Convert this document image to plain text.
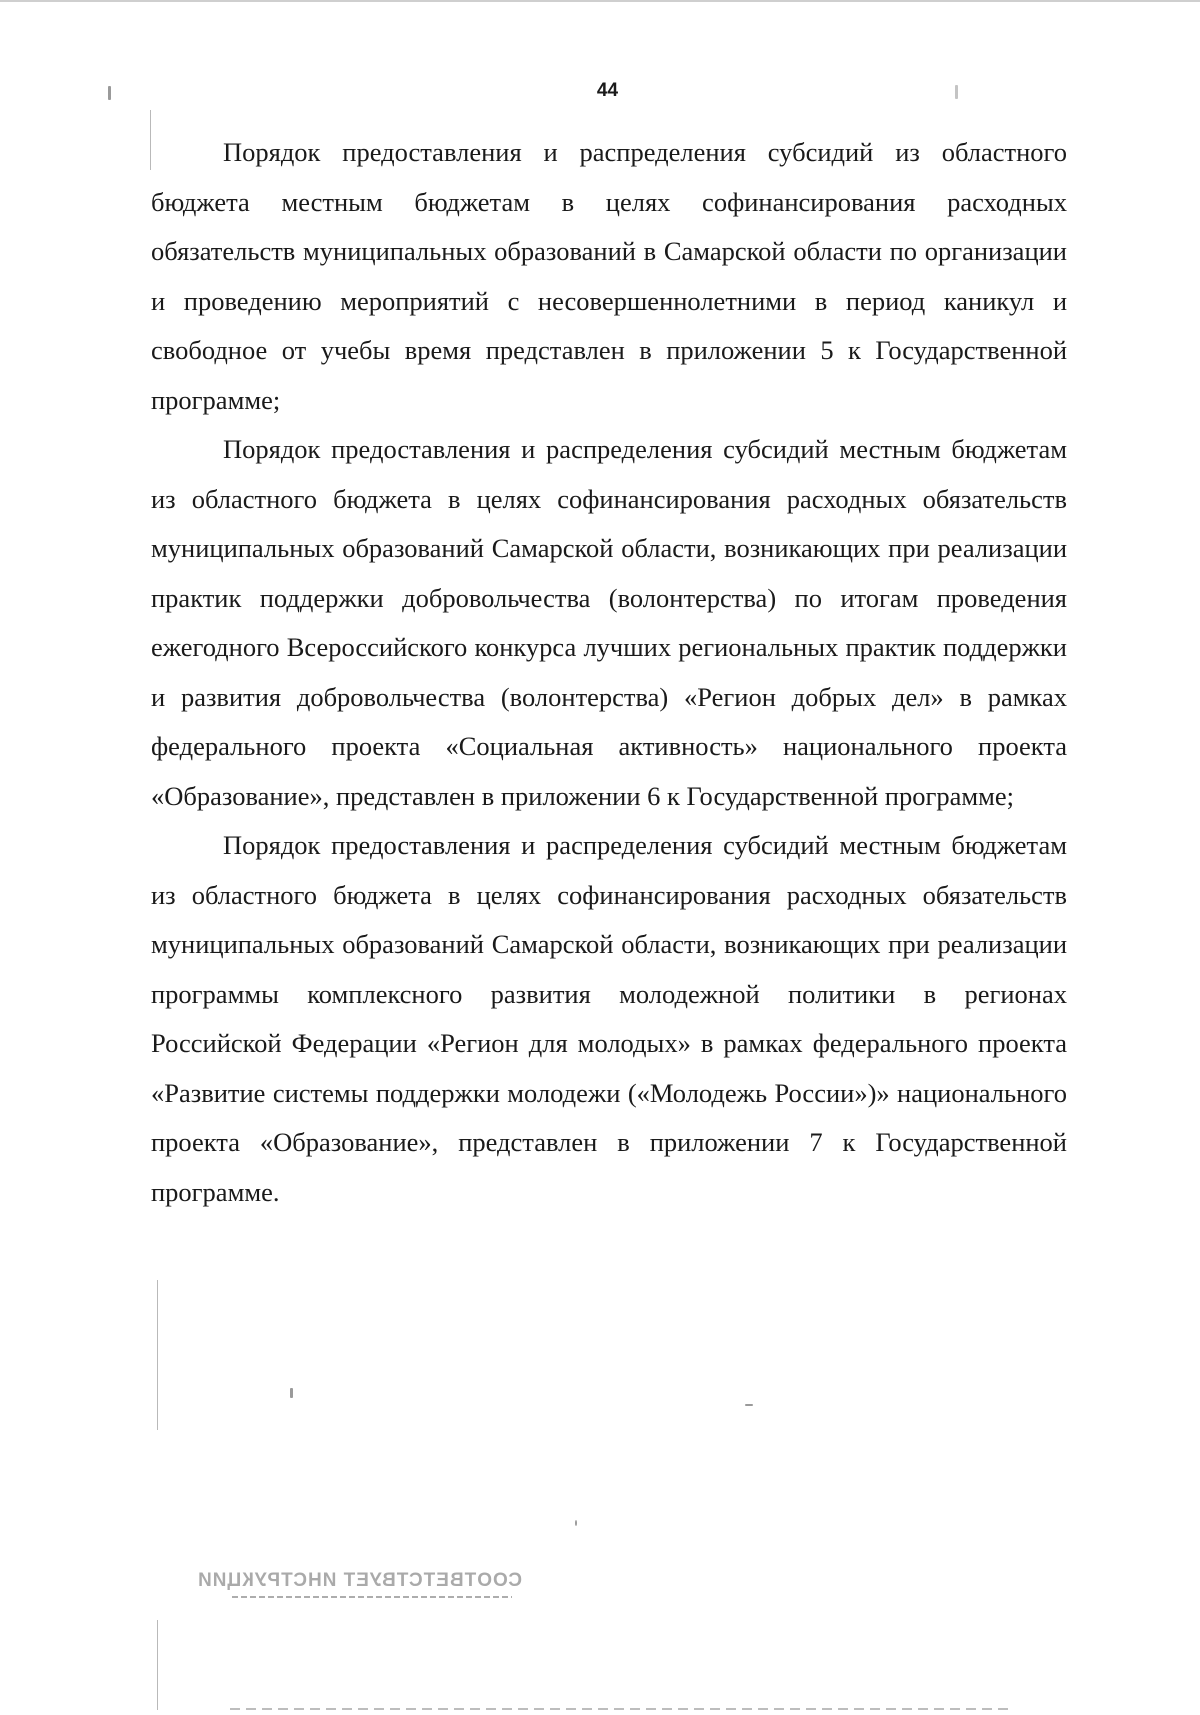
44

Порядок предоставления и распределения субсидий из областного бюджета местным бюджетам в целях софинансирования расходных обязательств муниципальных образований в Самарской области по организации и проведению мероприятий с несовершеннолетними в период каникул и свободное от учебы время представлен в приложении 5 к Государственной программе;

Порядок предоставления и распределения субсидий местным бюджетам из областного бюджета в целях софинансирования расходных обязательств муниципальных образований Самарской области, возникающих при реализации практик поддержки добровольчества (волонтерства) по итогам проведения ежегодного Всероссийского конкурса лучших региональных практик поддержки и развития добровольчества (волонтерства) «Регион добрых дел» в рамках федерального проекта «Социальная активность» национального проекта «Образование», представлен в приложении 6 к Государственной программе;

Порядок предоставления и распределения субсидий местным бюджетам из областного бюджета в целях софинансирования расходных обязательств муниципальных образований Самарской области, возникающих при реализации программы комплексного развития молодежной политики в регионах Российской Федерации «Регион для молодых» в рамках федерального проекта «Развитие системы поддержки молодежи («Молодежь России»)» национального проекта «Образование», представлен в приложении 7 к Государственной программе.

СООТВЕТСТВУЕТ ИНСТРУКЦИИ
